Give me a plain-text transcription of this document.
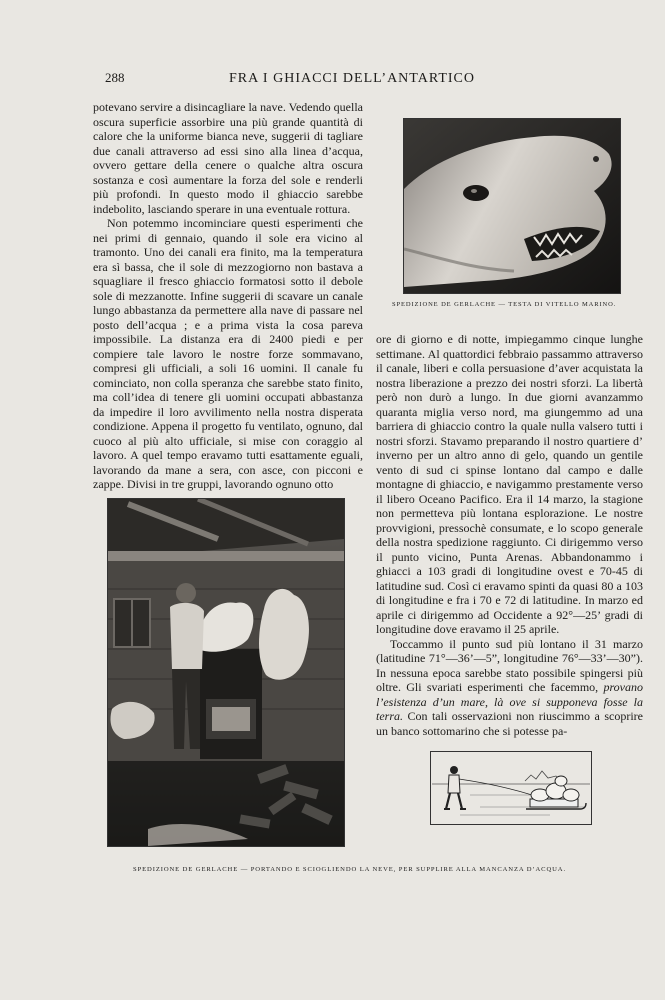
288	FRA I GHIACCI DELL’ANTARTICO

potevano servire a disincagliare la nave. Vedendo quella oscura superficie assorbire una più grande quantità di calore che la uniforme bianca neve, suggerii di tagliare due canali attraverso ad essi sino alla linea d’acqua, ovvero gettare della cenere o qualche altra oscura sostanza e così aumentare la forza del sole e renderli più profondi. In questo modo il ghiaccio sarebbe indebolito, lasciando sperare in una eventuale rottura.

Non potemmo incominciare questi esperimenti che nei primi di gennaio, quando il sole era vicino al tramonto. Uno dei canali era finito, ma la temperatura era sì bassa, che il sole di mezzogiorno non bastava a squagliare il fresco ghiaccio formatosi sotto il debole sole di mezzanotte. Infine suggerii di scavare un canale lungo abbastanza da permettere alla nave di passare nel posto dell’acqua ; e a prima vista la cosa pareva impossibile. La distanza era di 2400 piedi e per compiere tale lavoro le nostre forze sommavano, compresi gli ufficiali, a soli 16 uomini. Il canale fu cominciato, non colla speranza che sarebbe stato finito, ma coll’idea di tenere gli uomini occupati abbastanza da impedire il loro avvilimento nella nostra disperata condizione. Appena il progetto fu ventilato, ognuno, dal cuoco al più alto ufficiale, si mise con coraggio al lavoro. A quel tempo eravamo tutti esattamente eguali, lavorando da mane a sera, con asce, con picconi e zappe. Divisi in tre gruppi, lavorando ognuno otto

SPEDIZIONE DE GERLACHE — TESTA DI VITELLO MARINO.

ore di giorno e di notte, impiegammo cinque lunghe settimane. Al quattordici febbraio passammo attraverso il canale, liberi e colla persuasione d’aver acquistata la nostra liberazione a prezzo dei nostri sforzi. La libertà però non durò a lungo. In due giorni avanzammo quaranta miglia verso nord, ma giungemmo ad una barriera di ghiaccio contro la quale nulla valsero tutti i nostri sforzi. Stavamo preparando il nostro quartiere d’ inverno per un altro anno di gelo, quando un gentile vento di sud ci spinse lontano dal campo e dalle montagne di ghiaccio, e navigammo prestamente verso il libero Oceano Pacifico. Era il 14 marzo, la stagione non permetteva più lontana esplorazione. Le nostre provvigioni, pressochè consumate, e lo scopo generale della nostra spedizione raggiunto. Ci dirigemmo verso il punto vicino, Punta Arenas. Abbandonammo i ghiacci a 103 gradi di longitudine ovest e 70-45 di latitudine sud. Così ci eravamo spinti da quasi 80 a 103 di longitudine e fra i 70 e 72 di latitudine. In marzo ed aprile ci dirigemmo ad Occidente a 92°—25’ gradi di longitudine dove eravamo il 25 aprile.

Toccammo il punto sud più lontano il 31 marzo (latitudine 71°—36’—5”, longitudine 76°—33’—30”). In nessuna epoca sarebbe stato possibile spingersi più oltre. Gli svariati esperimenti che facemmo, provano l’esistenza d’un mare, là ove si supponeva fosse la terra. Con tali osservazioni non riuscimmo a scoprire un banco sottomarino che si potesse pa-

SPEDIZIONE DE GERLACHE — PORTANDO E SCIOGLIENDO LA NEVE, PER SUPPLIRE ALLA MANCANZA D’ACQUA.
